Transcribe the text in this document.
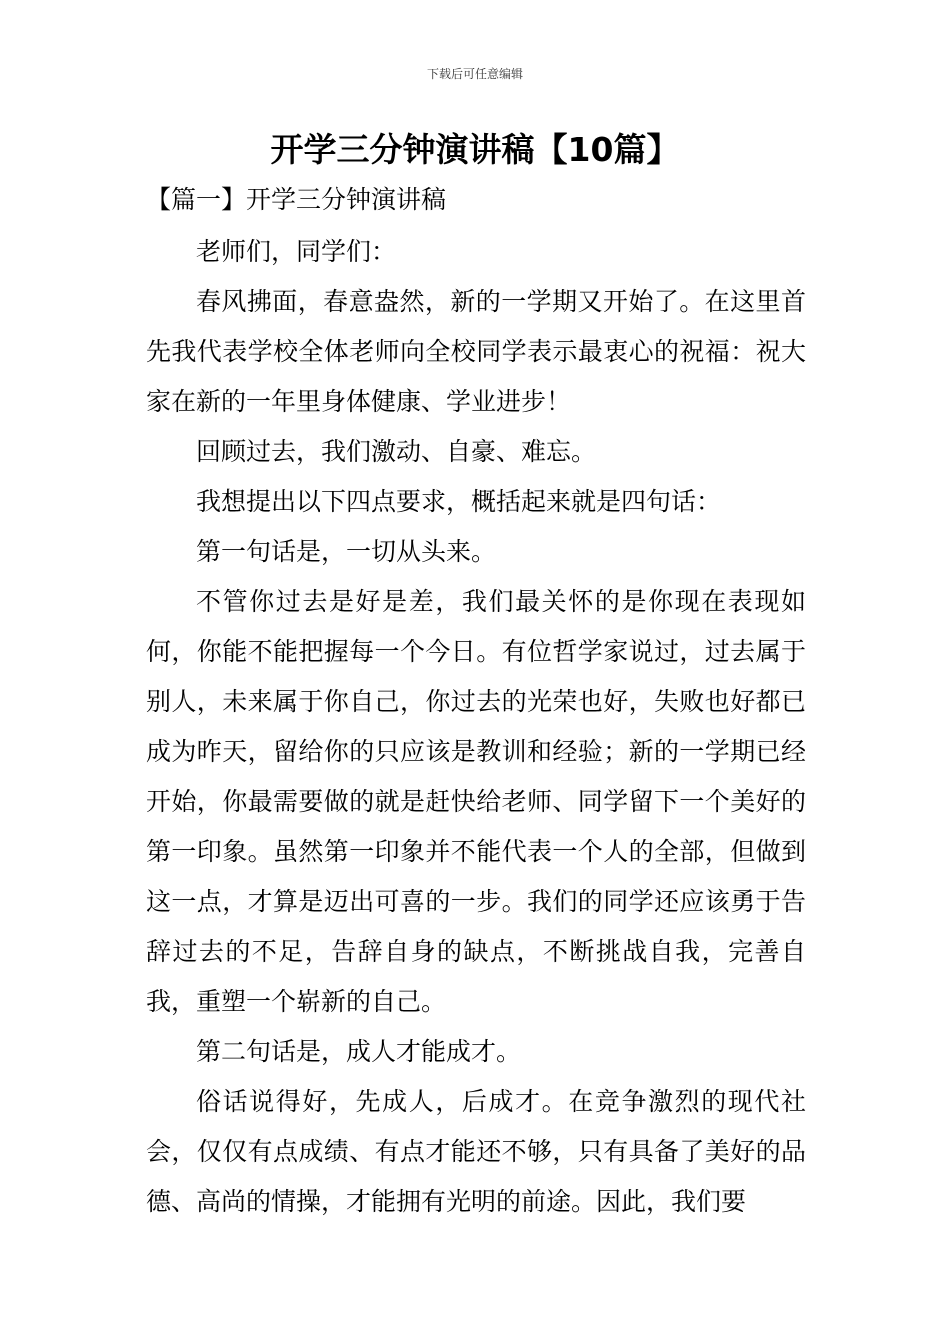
下载后可任意编辑
开学三分钟演讲稿【10篇】
【篇一】开学三分钟演讲稿

老师们，同学们：

春风拂面，春意盎然，新的一学期又开始了。在这里首先我代表学校全体老师向全校同学表示最衷心的祝福：祝大家在新的一年里身体健康、学业进步！

回顾过去，我们激动、自豪、难忘。

我想提出以下四点要求，概括起来就是四句话：

第一句话是，一切从头来。

不管你过去是好是差，我们最关怀的是你现在表现如何，你能不能把握每一个今日。有位哲学家说过，过去属于别人，未来属于你自己，你过去的光荣也好，失败也好都已成为昨天，留给你的只应该是教训和经验；新的一学期已经开始，你最需要做的就是赶快给老师、同学留下一个美好的第一印象。虽然第一印象并不能代表一个人的全部，但做到这一点，才算是迈出可喜的一步。我们的同学还应该勇于告辞过去的不足，告辞自身的缺点，不断挑战自我，完善自我，重塑一个崭新的自己。

第二句话是，成人才能成才。

俗话说得好，先成人，后成才。在竞争激烈的现代社会，仅仅有点成绩、有点才能还不够，只有具备了美好的品德、高尚的情操，才能拥有光明的前途。因此，我们要
